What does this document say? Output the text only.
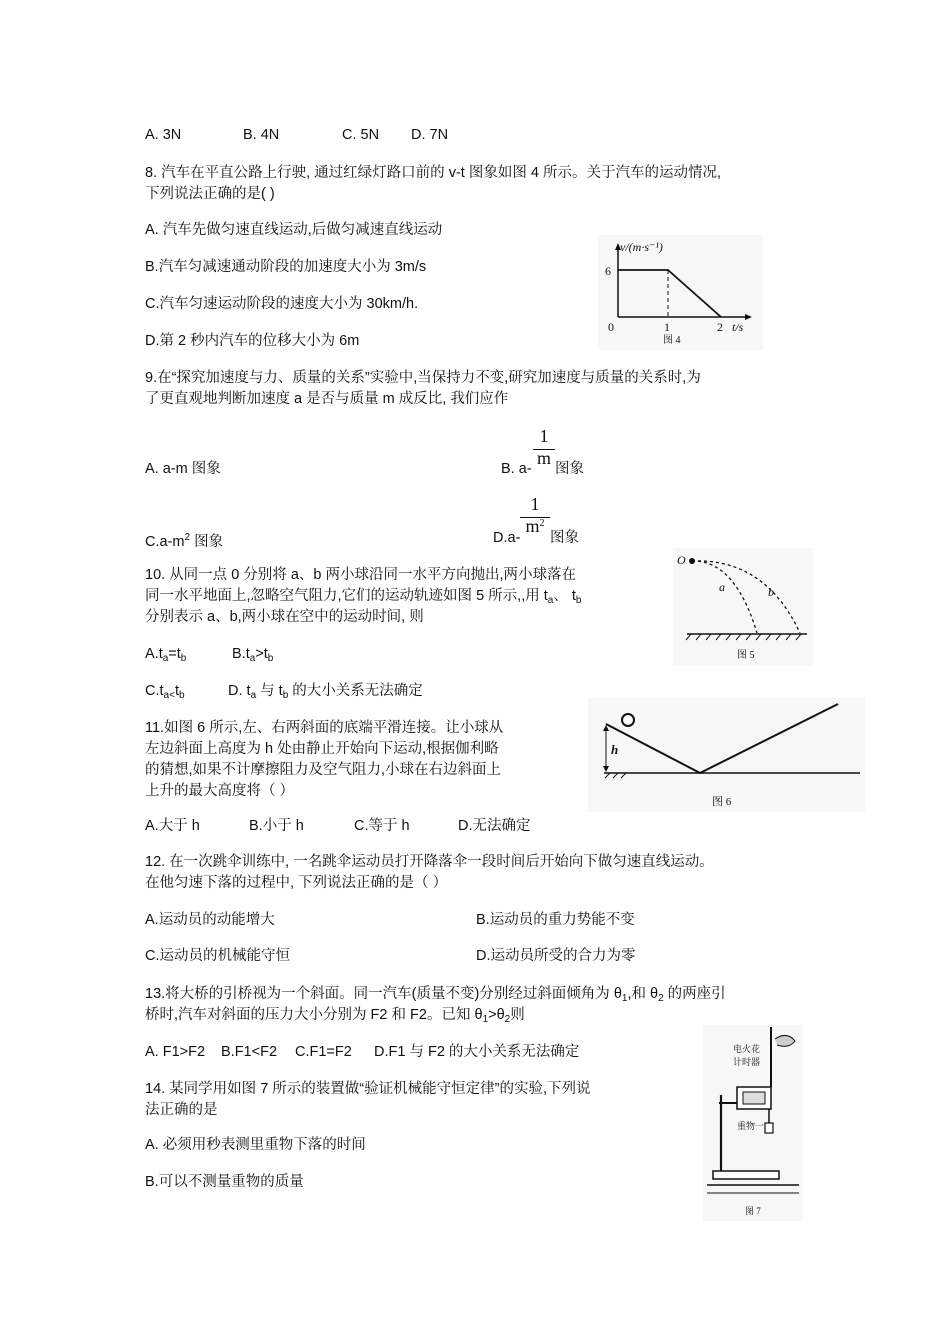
A. 3N	B. 4N	C. 5N D. 7N
8. 汽车在平直公路上行驶, 通过红绿灯路口前的 v-t 图象如图 4 所示。关于汽车的运动情况,
下列说法正确的是( )
A. 汽车先做匀速直线运动,后做匀减速直线运动
B.汽车匀减速通动阶段的加速度大小为 3m/s
C.汽车匀速运动阶段的速度大小为 30km/h.
D.第 2 秒内汽车的位移大小为 6m
v/(m·s⁻¹)
6
0	1	2 t/s
图 4
9.在“探究加速度与力、质量的关系”实验中,当保持力不变,研究加速度与质量的关系时,为
了更直观地判断加速度 a 是否与质量 m 成反比, 我们应作
A. a-m 图象	B. a-
1
m
图象
$C.a-m^2$ 图象	D.a-
1
$m^2$
图象
10. 从同一点 0 分别将 a、b 两小球沿同一水平方向抛出,两小球落在
同一水平地面上,忽略空气阻力,它们的运动轨迹如图 5 所示,,用 $t_a$、 $t_b$
分别表示 a、b,两小球在空中的运动时间, 则
$A.t_a=t_b$	$B.t_a>t_b$
$C.t_{a<}t_b$	D. $t_a$ 与 $t_b$ 的大小关系无法确定
O
a	b
图 5
11.如图 6 所示,左、右两斜面的底端平滑连接。让小球从
左边斜面上高度为 h 处由静止开始向下运动,根据伽利略
的猜想,如果不计摩擦阻力及空气阻力,小球在右边斜面上
上升的最大高度将（ ）
A.大于 h	B.小于 h	C.等于 h	D.无法确定
h
图 6
12. 在一次跳伞训练中, 一名跳伞运动员打开降落伞一段时间后开始向下做匀速直线运动。
在他匀速下落的过程中, 下列说法正确的是（ ）
A.运动员的动能增大	B.运动员的重力势能不变
C.运动员的机械能守恒	D.运动员所受的合力为零
13.将大桥的引桥视为一个斜面。同一汽车(质量不变)分别经过斜面倾角为 $\theta_1$,和 $\theta_2$ 的两座引
桥时,汽车对斜面的压力大小分别为 F2 和 F2。已知 $\theta_1>\theta_2$则
A. F1>F2 B.F1<F2 C.F1=F2 D.F1 与 F2 的大小关系无法确定
14. 某同学用如图 7 所示的装置做“验证机械能守恒定律”的实验,下列说
法正确的是
A. 必须用秒表测里重物下落的时间
B.可以不测量重物的质量
电火花
计时器
重物一
图 7
